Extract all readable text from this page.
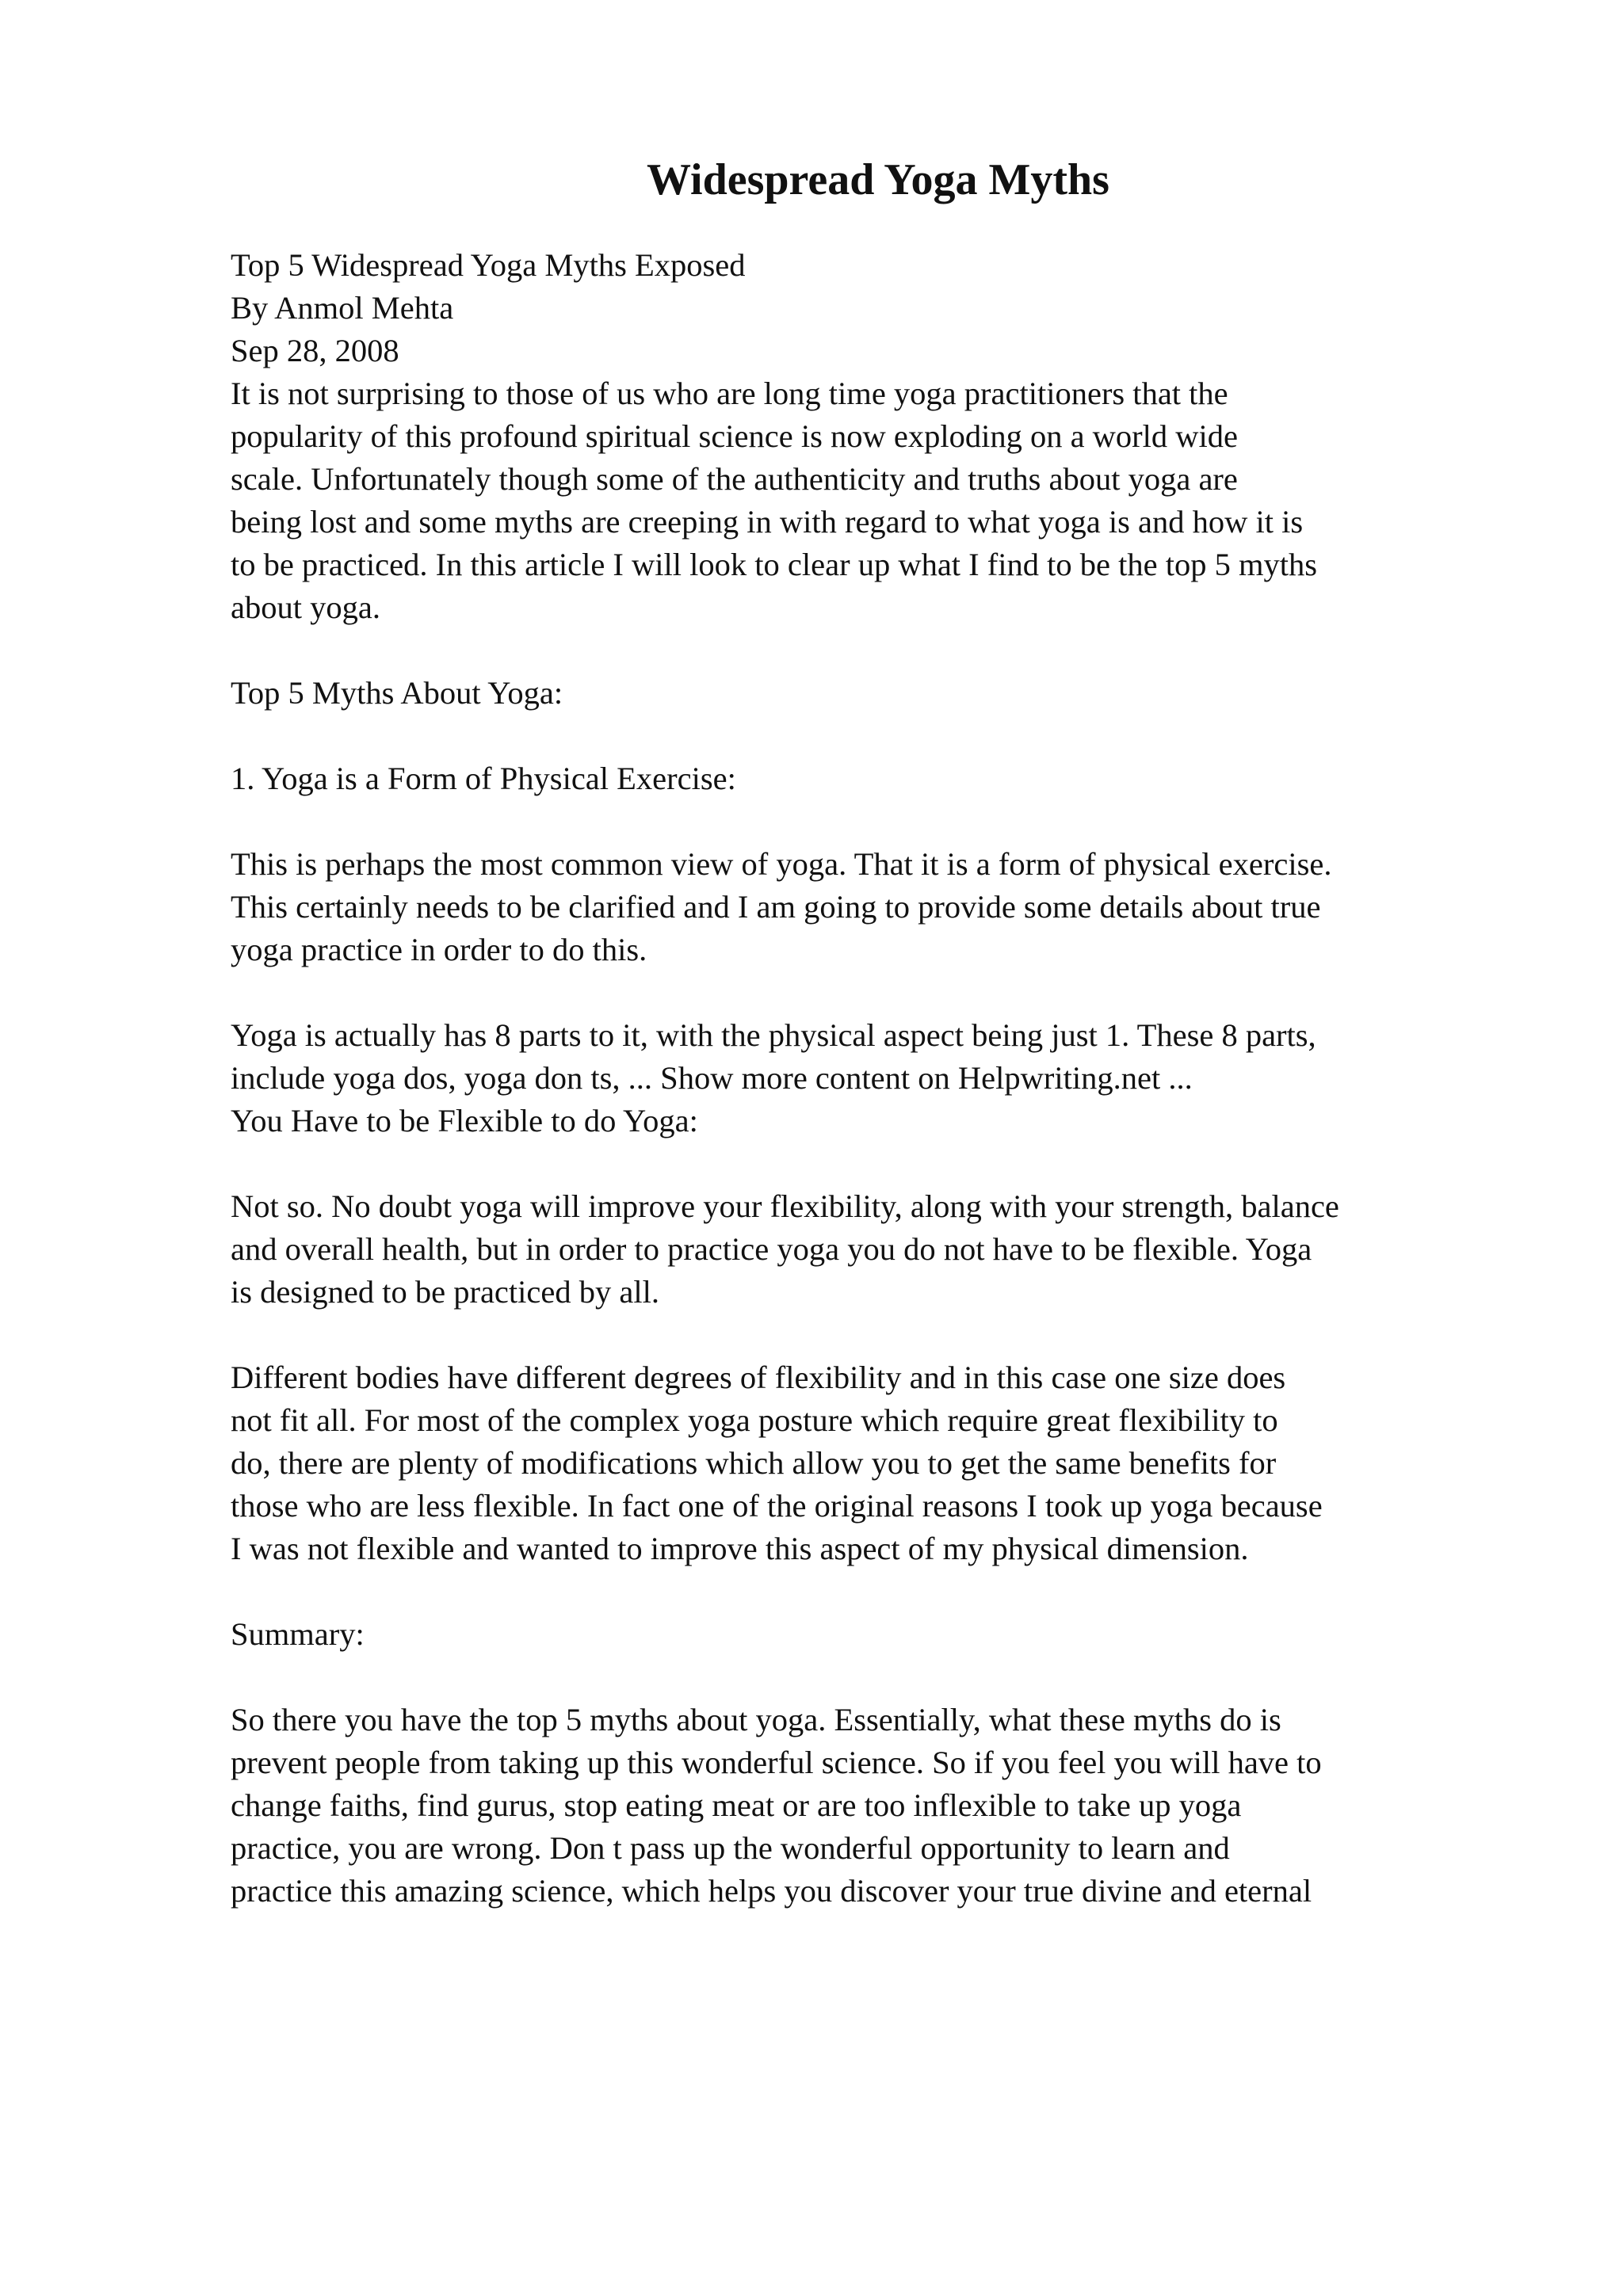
Widespread Yoga Myths
Top 5 Widespread Yoga Myths Exposed
By Anmol Mehta
Sep 28, 2008
It is not surprising to those of us who are long time yoga practitioners that the
popularity of this profound spiritual science is now exploding on a world wide
scale. Unfortunately though some of the authenticity and truths about yoga are
being lost and some myths are creeping in with regard to what yoga is and how it is
to be practiced. In this article I will look to clear up what I find to be the top 5 myths
about yoga.
Top 5 Myths About Yoga:
1. Yoga is a Form of Physical Exercise:
This is perhaps the most common view of yoga. That it is a form of physical exercise.
This certainly needs to be clarified and I am going to provide some details about true
yoga practice in order to do this.
Yoga is actually has 8 parts to it, with the physical aspect being just 1. These 8 parts,
include yoga dos, yoga don ts, ... Show more content on Helpwriting.net ...
You Have to be Flexible to do Yoga:
Not so. No doubt yoga will improve your flexibility, along with your strength, balance
and overall health, but in order to practice yoga you do not have to be flexible. Yoga
is designed to be practiced by all.
Different bodies have different degrees of flexibility and in this case one size does
not fit all. For most of the complex yoga posture which require great flexibility to
do, there are plenty of modifications which allow you to get the same benefits for
those who are less flexible. In fact one of the original reasons I took up yoga because
I was not flexible and wanted to improve this aspect of my physical dimension.
Summary:
So there you have the top 5 myths about yoga. Essentially, what these myths do is
prevent people from taking up this wonderful science. So if you feel you will have to
change faiths, find gurus, stop eating meat or are too inflexible to take up yoga
practice, you are wrong. Don t pass up the wonderful opportunity to learn and
practice this amazing science, which helps you discover your true divine and eternal
